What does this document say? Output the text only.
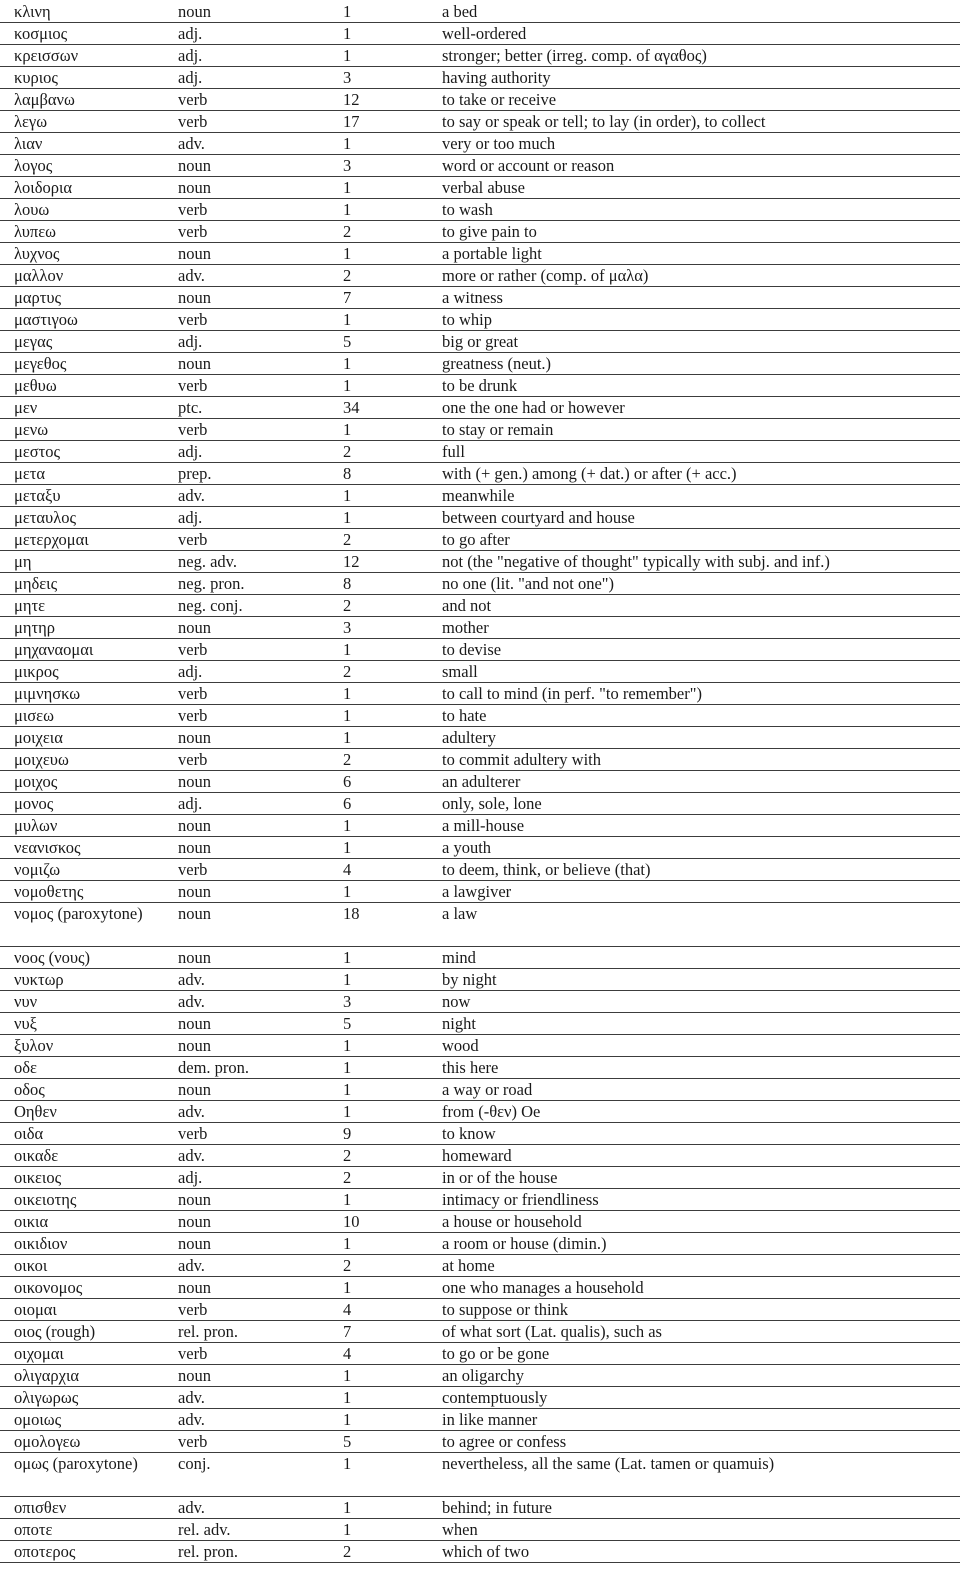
κλινη	noun	1	a bed
κοσμιος	adj.	1	well-ordered
κρεισσων	adj.	1	stronger; better (irreg. comp. of αγαθος)
κυριος	adj.	3	having authority
λαμβανω	verb	12	to take or receive
λεγω	verb	17	to say or speak or tell; to lay (in order), to collect
λιαν	adv.	1	very or too much
λογος	noun	3	word or account or reason
λοιδορια	noun	1	verbal abuse
λουω	verb	1	to wash
λυπεω	verb	2	to give pain to
λυχνος	noun	1	a portable light
μαλλον	adv.	2	more or rather (comp. of μαλα)
μαρτυς	noun	7	a witness
μαστιγοω	verb	1	to whip
μεγας	adj.	5	big or great
μεγεθος	noun	1	greatness (neut.)
μεθυω	verb	1	to be drunk
μεν	ptc.	34	one the one had or however
μενω	verb	1	to stay or remain
μεστος	adj.	2	full
μετα	prep.	8	with (+ gen.) among (+ dat.) or after (+ acc.)
μεταξυ	adv.	1	meanwhile
μεταυλος	adj.	1	between courtyard and house
μετερχομαι	verb	2	to go after
μη	neg. adv.	12	not (the "negative of thought" typically with subj. and inf.)
μηδεις	neg. pron.	8	no one (lit. "and not one")
μητε	neg. conj.	2	and not
μητηρ	noun	3	mother
μηχαναομαι	verb	1	to devise
μικρος	adj.	2	small
μιμνησκω	verb	1	to call to mind (in perf. "to remember")
μισεω	verb	1	to hate
μοιχεια	noun	1	adultery
μοιχευω	verb	2	to commit adultery with
μοιχος	noun	6	an adulterer
μονος	adj.	6	only, sole, lone
μυλων	noun	1	a mill-house
νεανισκος	noun	1	a youth
νομιζω	verb	4	to deem, think, or believe (that)
νομοθετης	noun	1	a lawgiver
νομος (paroxytone)	noun	18	a law
νοος (νους)	noun	1	mind
νυκτωρ	adv.	1	by night
νυν	adv.	3	now
νυξ	noun	5	night
ξυλον	noun	1	wood
οδε	dem. pron.	1	this here
οδος	noun	1	a way or road
Οηθεν	adv.	1	from (-θεν) Οe
οιδα	verb	9	to know
οικαδε	adv.	2	homeward
οικειος	adj.	2	in or of the house
οικειοτης	noun	1	intimacy or friendliness
οικια	noun	10	a house or household
οικιδιον	noun	1	a room or house (dimin.)
οικοι	adv.	2	at home
οικονομος	noun	1	one who manages a household
οιομαι	verb	4	to suppose or think
οιος (rough)	rel. pron.	7	of what sort (Lat. qualis), such as
οιχομαι	verb	4	to go or be gone
ολιγαρχια	noun	1	an oligarchy
ολιγωρως	adv.	1	contemptuously
ομοιως	adv.	1	in like manner
ομολογεω	verb	5	to agree or confess
ομως (paroxytone)	conj.	1	nevertheless, all the same (Lat. tamen or quamuis)
οπισθεν	adv.	1	behind; in future
οποτε	rel. adv.	1	when
οποτερος	rel. pron.	2	which of two
